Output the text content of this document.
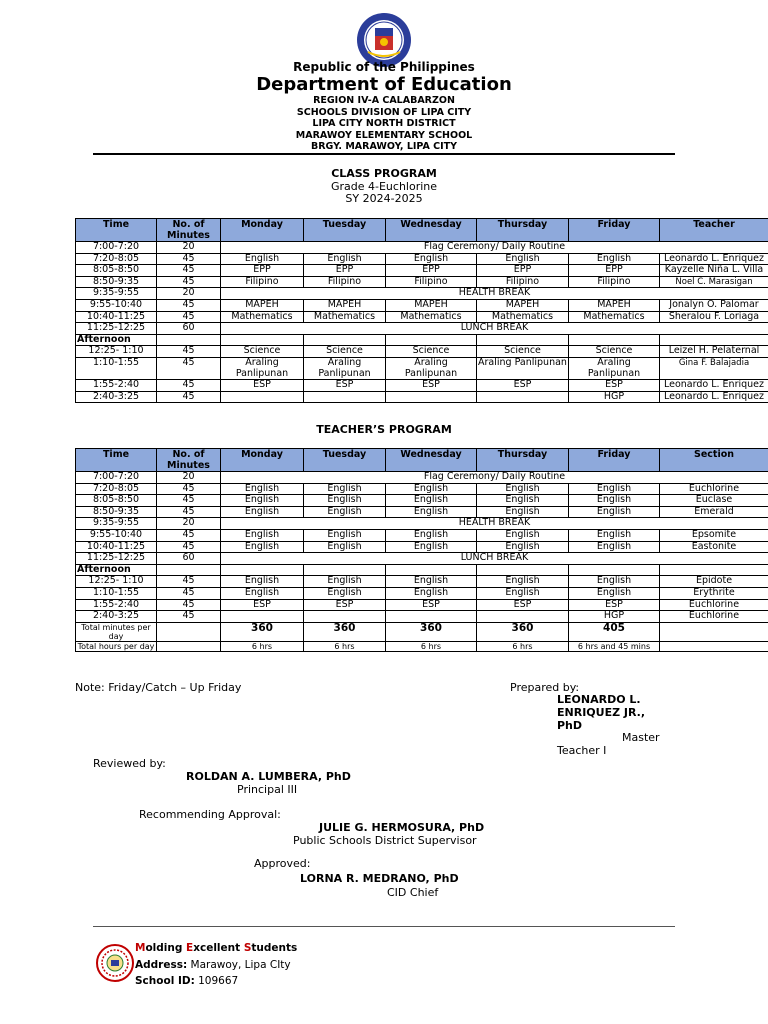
Republic of the Philippines
Department of Education
REGION IV-A CALABARZON
SCHOOLS DIVISION OF LIPA CITY
LIPA CITY NORTH DISTRICT
MARAWOY ELEMENTARY SCHOOL
BRGY. MARAWOY, LIPA CITY
CLASS PROGRAM
Grade 4-Euchlorine
SY 2024-2025
Time	No. of Minutes	Monday	Tuesday	Wednesday	Thursday	Friday	Teacher
7:00-7:20	20	Flag Ceremony/ Daily Routine					
7:20-8:05	45	English	English	English	English	English	Leonardo L. Enriquez
8:05-8:50	45	EPP	EPP	EPP	EPP	EPP	Kayzelle Niña L. Villa
8:50-9:35	45	Filipino	Filipino	Filipino	Filipino	Filipino	Noel C. Marasigan
9:35-9:55	20	HEALTH BREAK					
9:55-10:40	45	MAPEH	MAPEH	MAPEH	MAPEH	MAPEH	Jonalyn O. Palomar
10:40-11:25	45	Mathematics	Mathematics	Mathematics	Mathematics	Mathematics	Sheralou F. Loriaga
11:25-12:25	60	LUNCH BREAK					
Afternoon							
12:25- 1:10	45	Science	Science	Science	Science	Science	Leizel H. Pelaternal
1:10-1:55	45	Araling Panlipunan	Araling Panlipunan	Araling Panlipunan	Araling Panlipunan	Araling Panlipunan	Gina F. Balajadia
1:55-2:40	45	ESP	ESP	ESP	ESP	ESP	Leonardo L. Enriquez
2:40-3:25	45					HGP	Leonardo L. Enriquez
TEACHER’S PROGRAM
Time	No. of Minutes	Monday	Tuesday	Wednesday	Thursday	Friday	Section
7:00-7:20	20	Flag Ceremony/ Daily Routine					
7:20-8:05	45	English	English	English	English	English	Euchlorine
8:05-8:50	45	English	English	English	English	English	Euclase
8:50-9:35	45	English	English	English	English	English	Emerald
9:35-9:55	20	HEALTH BREAK					
9:55-10:40	45	English	English	English	English	English	Epsomite
10:40-11:25	45	English	English	English	English	English	Eastonite
11:25-12:25	60	LUNCH BREAK					
Afternoon							
12:25- 1:10	45	English	English	English	English	English	Epidote
1:10-1:55	45	English	English	English	English	English	Erythrite
1:55-2:40	45	ESP	ESP	ESP	ESP	ESP	Euchlorine
2:40-3:25	45					HGP	Euchlorine
Total minutes per day		360	360	360	360	405	
Total hours per day		6 hrs	6 hrs	6 hrs	6 hrs	6 hrs and 45 mins	
Note: Friday/Catch – Up Friday	Prepared by:
LEONARDO L.
ENRIQUEZ JR.,
PhD
Master
Teacher I
Reviewed by:
ROLDAN A. LUMBERA, PhD
Principal III
Recommending Approval:
JULIE G. HERMOSURA, PhD
Public Schools District Supervisor
Approved:
LORNA R. MEDRANO, PhD
CID Chief
Molding Excellent Students
Address: Marawoy, Lipa CIty
School ID: 109667
